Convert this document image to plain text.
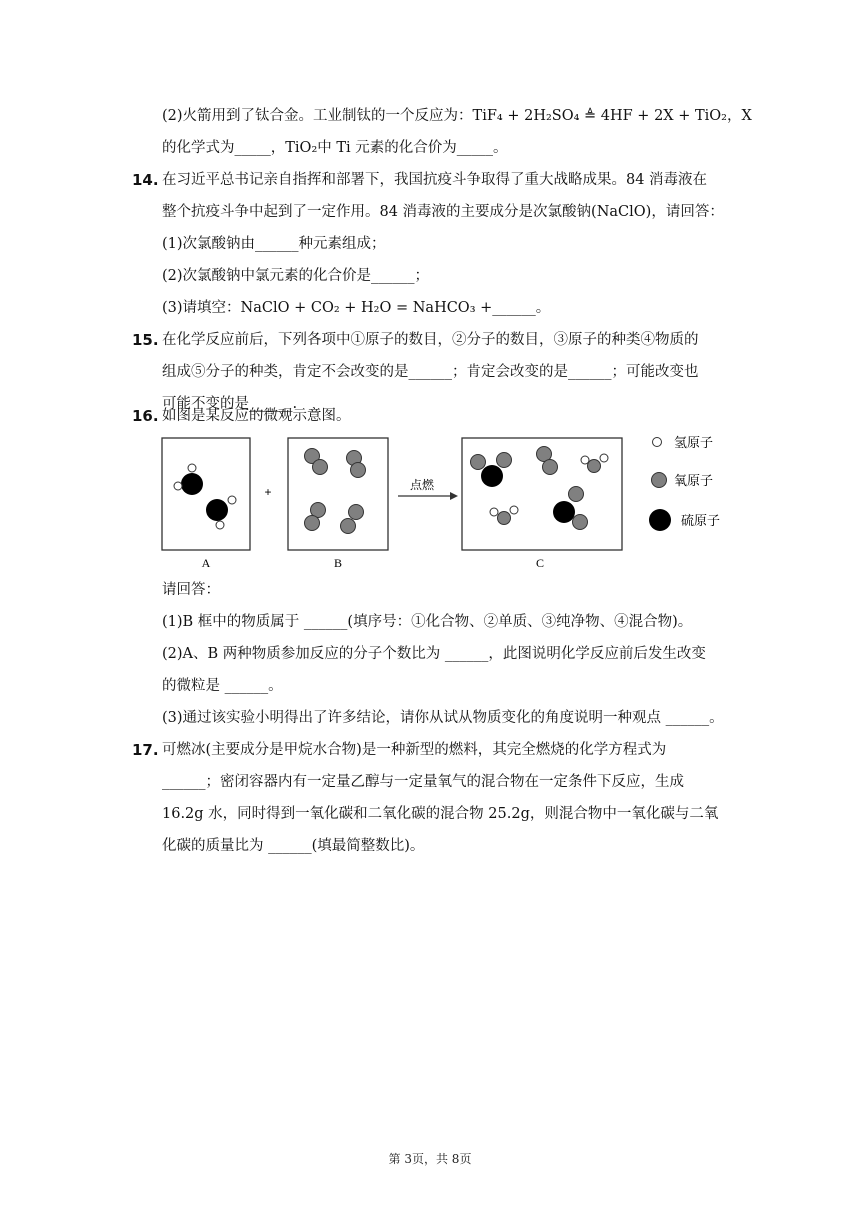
(2)火箭用到了钛合金。工业制钛的一个反应为：TiF₄ + 2H₂SO₄ ≜ 4HF + 2X + TiO₂，X
的化学式为_____，TiO₂中 Ti 元素的化合价为_____。
14. 在习近平总书记亲自指挥和部署下，我国抗疫斗争取得了重大战略成果。84 消毒液在
整个抗疫斗争中起到了一定作用。84 消毒液的主要成分是次氯酸钠(NaClO)，请回答：
(1)次氯酸钠由______种元素组成；
(2)次氯酸钠中氯元素的化合价是______；
(3)请填空：NaClO + CO₂ + H₂O = NaHCO₃ +______。
15. 在化学反应前后，下列各项中①原子的数目，②分子的数目，③原子的种类④物质的
组成⑤分子的种类，肯定不会改变的是______；肯定会改变的是______；可能改变也
可能不变的是______.
16. 如图是某反应的微观示意图。
A
+
B
点燃
C
氢原子
氧原子
硫原子
请回答：
(1)B 框中的物质属于 ______(填序号：①化合物、②单质、③纯净物、④混合物)。
(2)A、B 两种物质参加反应的分子个数比为 ______，此图说明化学反应前后发生改变
的微粒是 ______。
(3)通过该实验小明得出了许多结论，请你从试从物质变化的角度说明一种观点 ______。
17. 可燃冰(主要成分是甲烷水合物)是一种新型的燃料，其完全燃烧的化学方程式为
______；密闭容器内有一定量乙醇与一定量氧气的混合物在一定条件下反应，生成
16.2g 水，同时得到一氧化碳和二氧化碳的混合物 25.2g，则混合物中一氧化碳与二氧
化碳的质量比为 ______(填最简整数比)。
第 3页，共 8页
